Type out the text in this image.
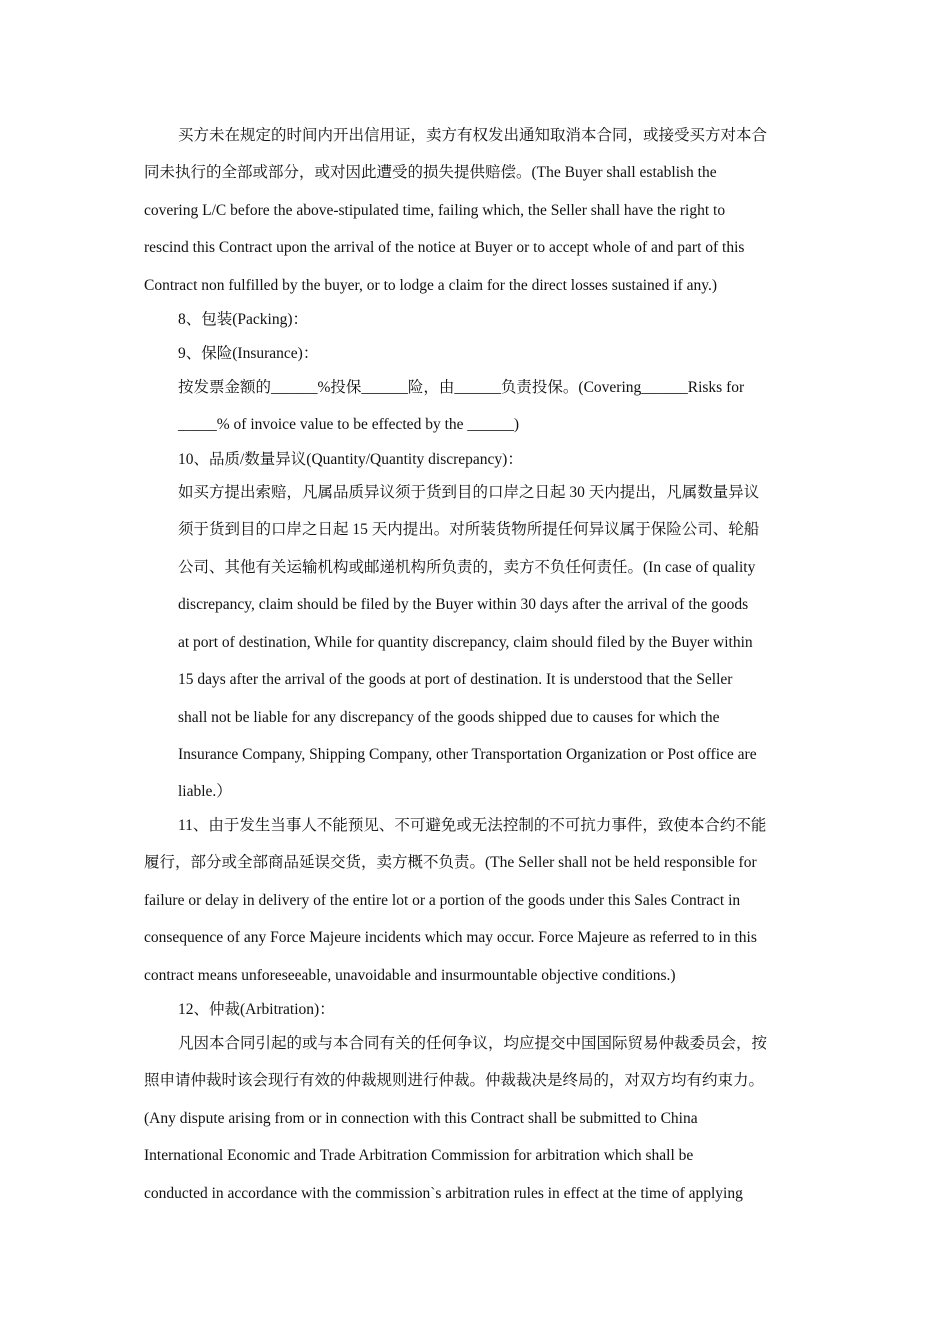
买方未在规定的时间内开出信用证，卖方有权发出通知取消本合同，或接受买方对本合
同未执行的全部或部分，或对因此遭受的损失提供赔偿。(The Buyer shall establish the
covering L/C before the above-stipulated time, failing which, the Seller shall have the right to
rescind this Contract upon the arrival of the notice at Buyer or to accept whole of and part of this
Contract non fulfilled by the buyer, or to lodge a claim for the direct losses sustained if any.)
8、包装(Packing)：
9、保险(Insurance)：
按发票金额的______%投保______险，由______负责投保。(Covering______Risks for
_____% of invoice value to be effected by the ______)
10、品质/数量异议(Quantity/Quantity discrepancy)：
如买方提出索赔，凡属品质异议须于货到目的口岸之日起 30 天内提出，凡属数量异议
须于货到目的口岸之日起 15 天内提出。对所装货物所提任何异议属于保险公司、轮船
公司、其他有关运输机构或邮递机构所负责的，卖方不负任何责任。(In case of quality
discrepancy, claim should be filed by the Buyer within 30 days after the arrival of the goods
at port of destination, While for quantity discrepancy, claim should filed by the Buyer within
15 days after the arrival of the goods at port of destination. It is understood that the Seller
shall not be liable for any discrepancy of the goods shipped due to causes for which the
Insurance Company, Shipping Company, other Transportation Organization or Post office are
liable.）
11、由于发生当事人不能预见、不可避免或无法控制的不可抗力事件，致使本合约不能
履行，部分或全部商品延误交货，卖方概不负责。(The Seller shall not be held responsible for
failure or delay in delivery of the entire lot or a portion of the goods under this Sales Contract in
consequence of any Force Majeure incidents which may occur. Force Majeure as referred to in this
contract means unforeseeable, unavoidable and insurmountable objective conditions.)
12、仲裁(Arbitration)：
凡因本合同引起的或与本合同有关的任何争议，均应提交中国国际贸易仲裁委员会，按
照申请仲裁时该会现行有效的仲裁规则进行仲裁。仲裁裁决是终局的，对双方均有约束力。
(Any dispute arising from or in connection with this Contract shall be submitted to China
International Economic and Trade Arbitration Commission for arbitration which shall be
conducted in accordance with the commission`s arbitration rules in effect at the time of applying
